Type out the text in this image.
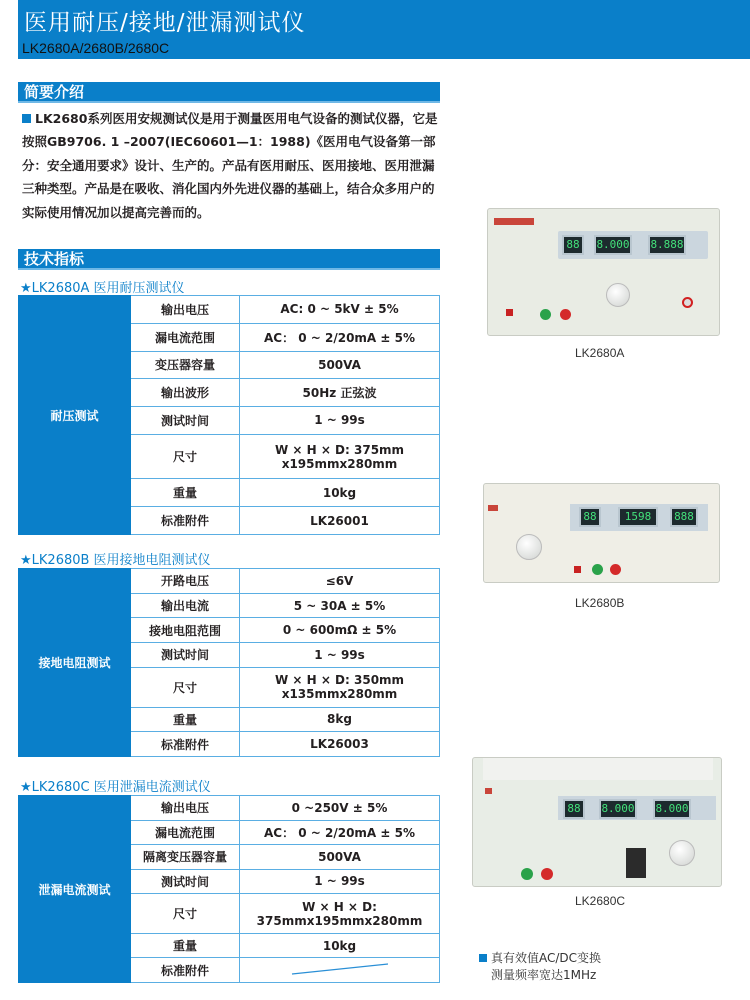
医用耐压/接地/泄漏测试仪
LK2680A/2680B/2680C
简要介绍
LK2680系列医用安规测试仪是用于测量医用电气设备的测试仪器，它是按照GB9706. 1 –2007(IEC60601—1：1988)《医用电气设备第一部分：安全通用要求》设计、生产的。产品有医用耐压、医用接地、医用泄漏三种类型。产品是在吸收、消化国内外先进仪器的基础上，结合众多用户的实际使用情况加以提高完善而的。
技术指标
★LK2680A 医用耐压测试仪
耐压测试	输出电压	AC: 0 ~ 5kV ± 5%
	漏电流范围	AC： 0 ~ 2/20mA ± 5%
	变压器容量	500VA
	输出波形	50Hz 正弦波
	测试时间	1 ~ 99s
	尺寸	W × H × D: 375mm x195mmx280mm
	重量	10kg
	标准附件	LK26001
★LK2680B 医用接地电阻测试仪
接地电阻测试	开路电压	≤6V
	输出电流	5 ~ 30A ± 5%
	接地电阻范围	0 ~ 600mΩ ± 5%
	测试时间	1 ~ 99s
	尺寸	W × H × D: 350mm x135mmx280mm
	重量	8kg
	标准附件	LK26003
★LK2680C 医用泄漏电流测试仪
泄漏电流测试	输出电压	0 ~250V ± 5%
	漏电流范围	AC： 0 ~ 2/20mA ± 5%
	隔离变压器容量	500VA
	测试时间	1 ~ 99s
	尺寸	W × H × D: 375mmx195mmx280mm
	重量	10kg
	标准附件	
88	8.000 8.888
LK2680A
88	1598	888
LK2680B
88	8.000 8.000
LK2680C
真有效值AC/DC变换
测量频率宽达1MHz
